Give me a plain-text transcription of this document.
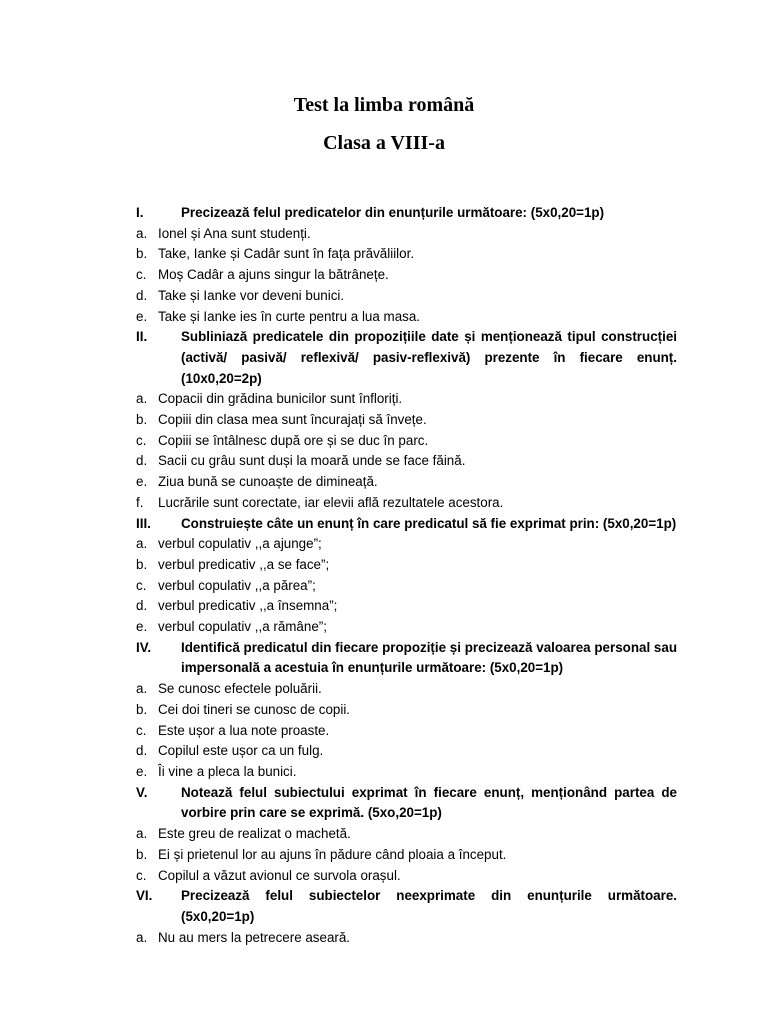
Test la limba română
Clasa a VIII-a
I.	Precizează felul predicatelor din enunțurile următoare: (5x0,20=1p)
a. Ionel și Ana sunt studenți.
b. Take, Ianke și Cadâr sunt în fața prăvăliilor.
c. Moș Cadâr a ajuns singur la bătrânețe.
d. Take și Ianke vor deveni bunici.
e. Take și Ianke ies în curte pentru a lua masa.
II.	Subliniază predicatele din propozițiile date și menționează tipul construcției (activă/ pasivă/ reflexivă/ pasiv-reflexivă) prezente în fiecare enunț. (10x0,20=2p)
a. Copacii din grădina bunicilor sunt înfloriți.
b. Copiii din clasa mea sunt încurajați să învețe.
c. Copiii se întâlnesc după ore și se duc în parc.
d. Sacii cu grâu sunt duși la moară unde se face făină.
e. Ziua bună se cunoaște de dimineață.
f. Lucrările sunt corectate, iar elevii află rezultatele acestora.
III. Construiește câte un enunț în care predicatul să fie exprimat prin: (5x0,20=1p)
a. verbul copulativ ,,a ajunge”;
b. verbul predicativ ,,a se face”;
c. verbul copulativ ,,a părea”;
d. verbul predicativ ,,a însemna”;
e. verbul copulativ ,,a rămâne”;
IV. Identifică predicatul din fiecare propoziție și precizează valoarea personal sau impersonală a acestuia în enunțurile următoare: (5x0,20=1p)
a. Se cunosc efectele poluării.
b. Cei doi tineri se cunosc de copii.
c. Este ușor a lua note proaste.
d. Copilul este ușor ca un fulg.
e. Îi vine a pleca la bunici.
V.	Notează felul subiectului exprimat în fiecare enunț, menționând partea de vorbire prin care se exprimă. (5xo,20=1p)
a. Este greu de realizat o machetă.
b. Ei și prietenul lor au ajuns în pădure când ploaia a început.
c. Copilul a văzut avionul ce survola orașul.
VI. Precizează felul subiectelor neexprimate din enunțurile următoare. (5x0,20=1p)
a. Nu au mers la petrecere aseară.
